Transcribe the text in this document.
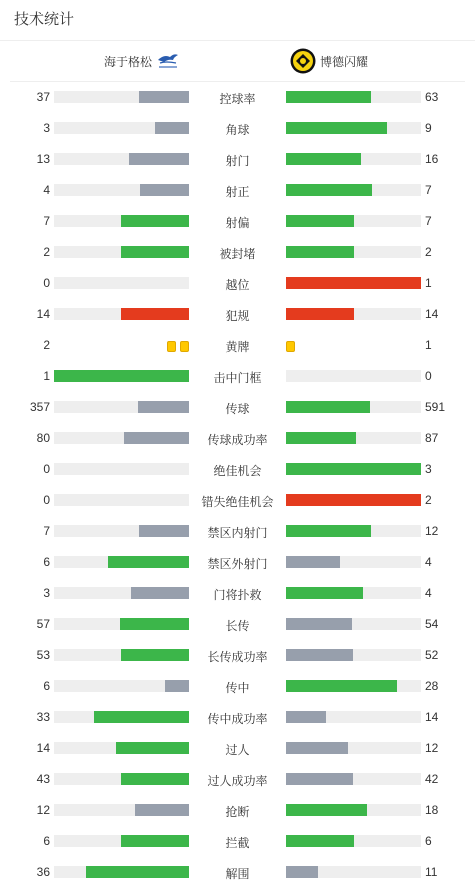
技术统计
海于格松	博德闪耀
37	控球率	63
3	角球	9
13	射门	16
4	射正	7
7	射偏	7
2	被封堵	2
0	越位	1
14	犯规	14
2	黄牌	1
1	击中门框	0
357	传球	591
80	传球成功率	87
0	绝佳机会	3
0	错失绝佳机会	2
7	禁区内射门	12
6	禁区外射门	4
3	门将扑救	4
57	长传	54
53	长传成功率	52
6	传中	28
33	传中成功率	14
14	过人	12
43	过人成功率	42
12	抢断	18
6	拦截	6
36	解围	11
